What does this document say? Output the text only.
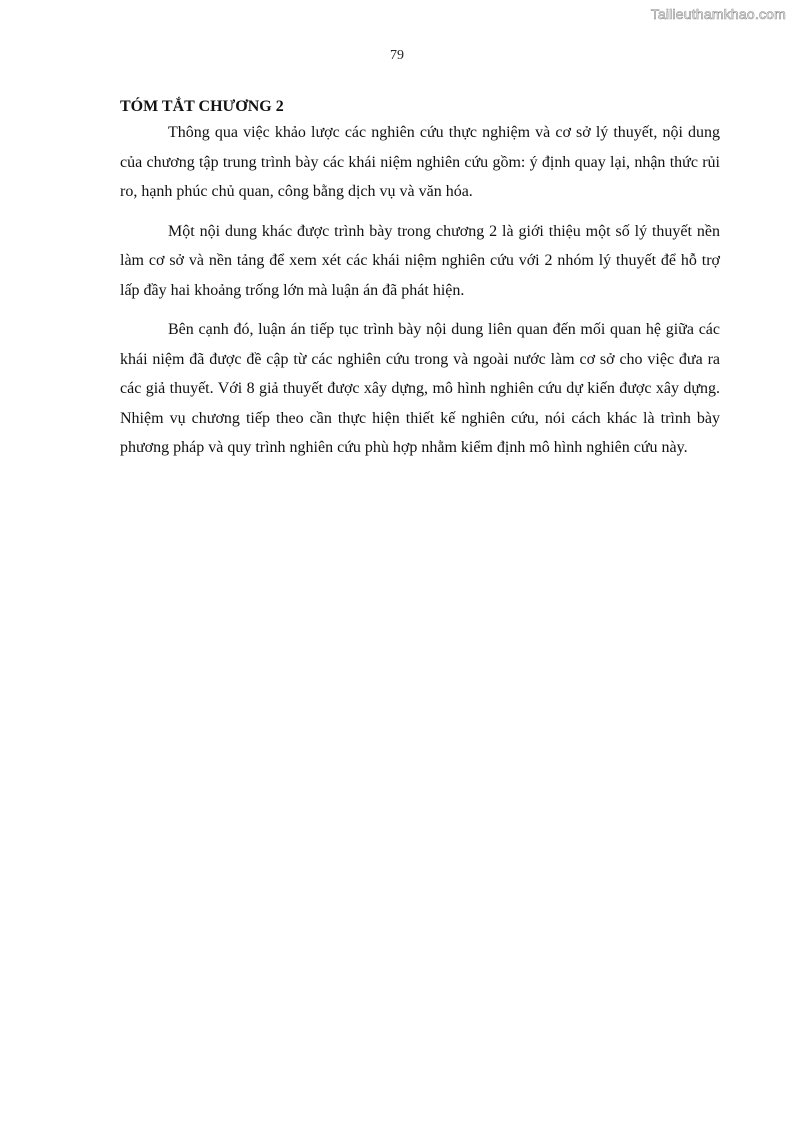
Tailieuthamkhao.com
79
TÓM TẮT CHƯƠNG 2

Thông qua việc khảo lược các nghiên cứu thực nghiệm và cơ sở lý thuyết, nội dung của chương tập trung trình bày các khái niệm nghiên cứu gồm: ý định quay lại, nhận thức rủi ro, hạnh phúc chủ quan, công bằng dịch vụ và văn hóa.

Một nội dung khác được trình bày trong chương 2 là giới thiệu một số lý thuyết nền làm cơ sở và nền tảng để xem xét các khái niệm nghiên cứu với 2 nhóm lý thuyết để hỗ trợ lấp đầy hai khoảng trống lớn mà luận án đã phát hiện.

Bên cạnh đó, luận án tiếp tục trình bày nội dung liên quan đến mối quan hệ giữa các khái niệm đã được đề cập từ các nghiên cứu trong và ngoài nước làm cơ sở cho việc đưa ra các giả thuyết. Với 8 giả thuyết được xây dựng, mô hình nghiên cứu dự kiến được xây dựng. Nhiệm vụ chương tiếp theo cần thực hiện thiết kế nghiên cứu, nói cách khác là trình bày phương pháp và quy trình nghiên cứu phù hợp nhằm kiểm định mô hình nghiên cứu này.
